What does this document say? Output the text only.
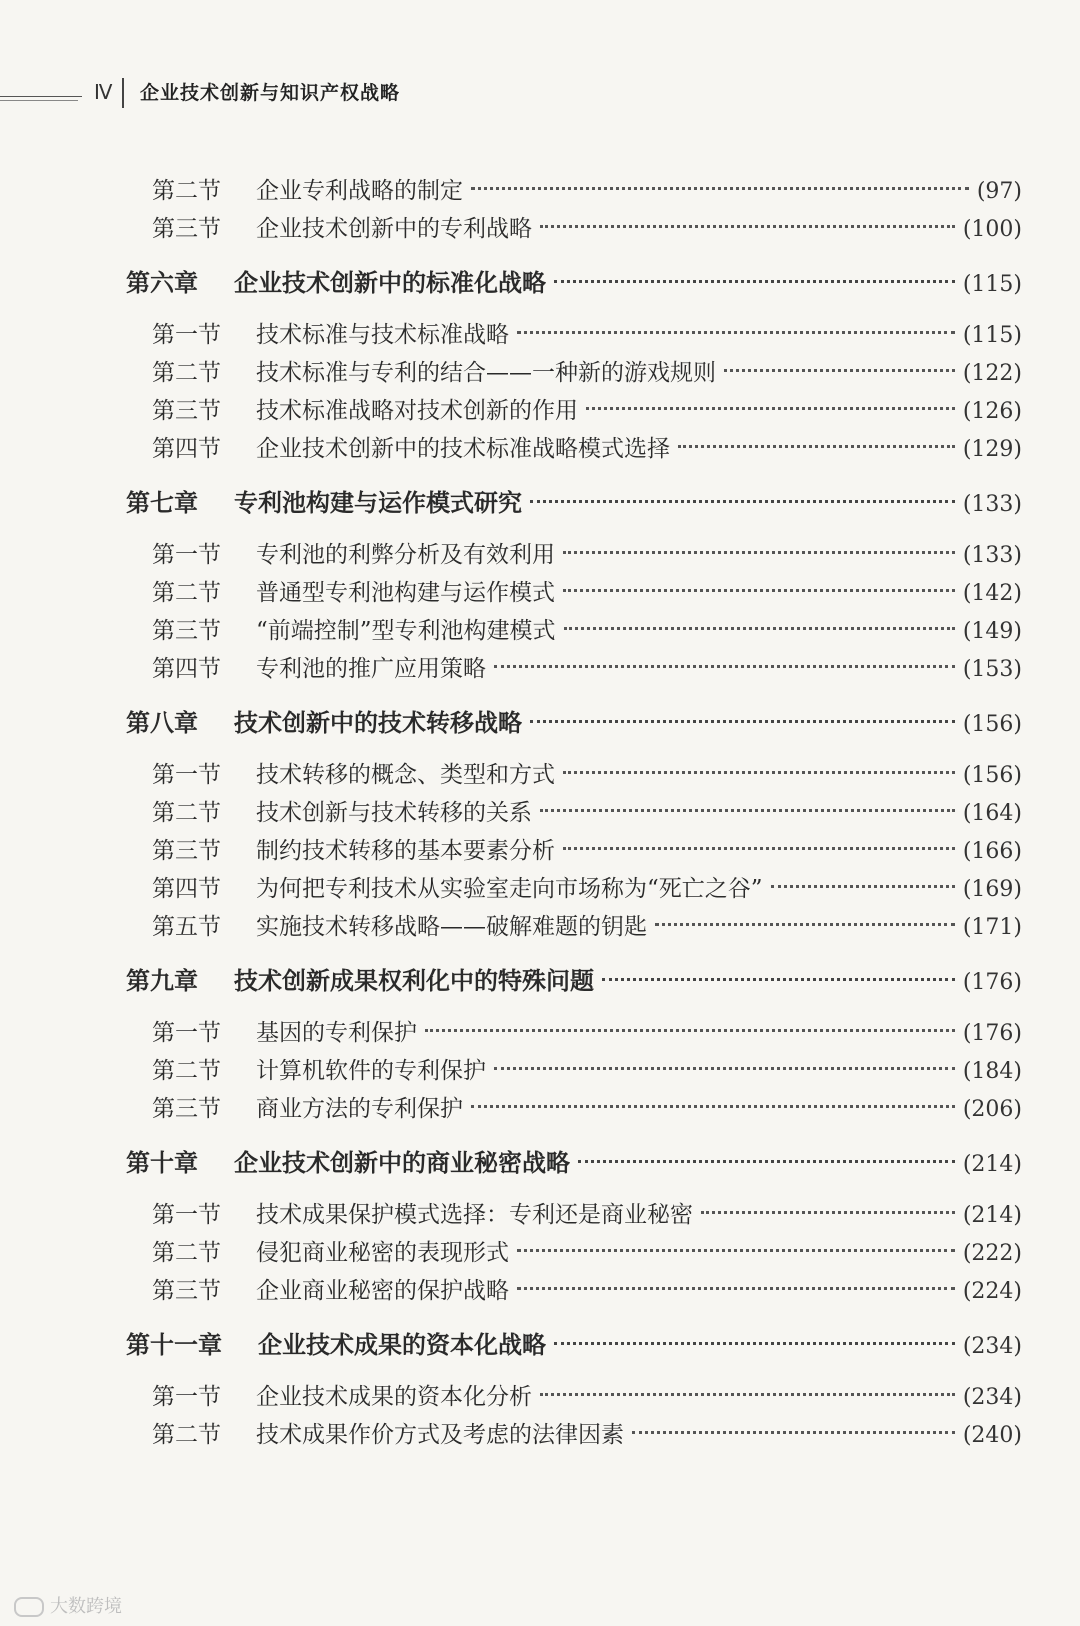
Ⅳ 企业技术创新与知识产权战略
第二节	企业专利战略的制定	(97)
第三节	企业技术创新中的专利战略	(100)
第六章	企业技术创新中的标准化战略	(115)
第一节	技术标准与技术标准战略	(115)
第二节	技术标准与专利的结合——一种新的游戏规则	(122)
第三节	技术标准战略对技术创新的作用	(126)
第四节	企业技术创新中的技术标准战略模式选择	(129)
第七章	专利池构建与运作模式研究	(133)
第一节	专利池的利弊分析及有效利用	(133)
第二节	普通型专利池构建与运作模式	(142)
第三节	“前端控制”型专利池构建模式	(149)
第四节	专利池的推广应用策略	(153)
第八章	技术创新中的技术转移战略	(156)
第一节	技术转移的概念、类型和方式	(156)
第二节	技术创新与技术转移的关系	(164)
第三节	制约技术转移的基本要素分析	(166)
第四节	为何把专利技术从实验室走向市场称为“死亡之谷”	(169)
第五节	实施技术转移战略——破解难题的钥匙	(171)
第九章	技术创新成果权利化中的特殊问题	(176)
第一节	基因的专利保护	(176)
第二节	计算机软件的专利保护	(184)
第三节	商业方法的专利保护	(206)
第十章	企业技术创新中的商业秘密战略	(214)
第一节	技术成果保护模式选择：专利还是商业秘密	(214)
第二节	侵犯商业秘密的表现形式	(222)
第三节	企业商业秘密的保护战略	(224)
第十一章	企业技术成果的资本化战略	(234)
第一节	企业技术成果的资本化分析	(234)
第二节	技术成果作价方式及考虑的法律因素	(240)
大数跨境
